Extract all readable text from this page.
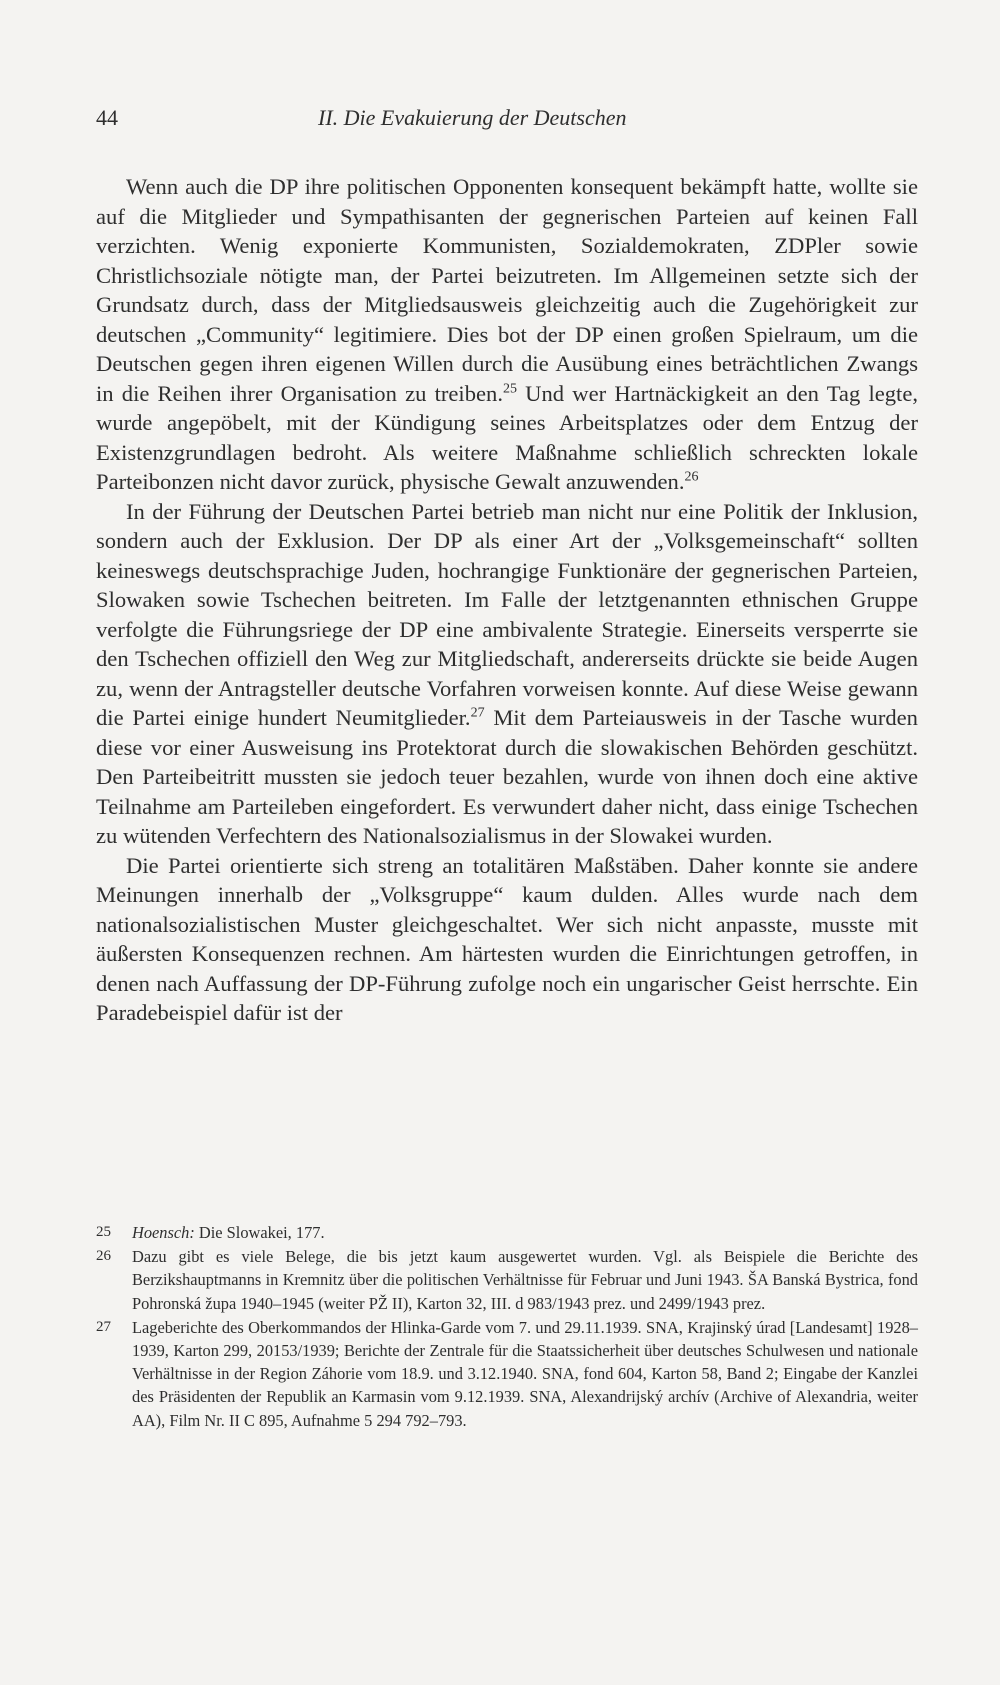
44	II. Die Evakuierung der Deutschen

Wenn auch die DP ihre politischen Opponenten konsequent bekämpft hatte, wollte sie auf die Mitglieder und Sympathisanten der gegnerischen Parteien auf keinen Fall verzichten. Wenig exponierte Kommunisten, Sozialdemokraten, ZDPler sowie Christlichsoziale nötigte man, der Partei beizutreten. Im Allgemeinen setzte sich der Grundsatz durch, dass der Mitgliedsausweis gleichzeitig auch die Zugehörigkeit zur deutschen „Community“ legitimiere. Dies bot der DP einen großen Spielraum, um die Deutschen gegen ihren eigenen Willen durch die Ausübung eines beträchtlichen Zwangs in die Reihen ihrer Organisation zu treiben.$^{25}$ Und wer Hartnäckigkeit an den Tag legte, wurde angepöbelt, mit der Kündigung seines Arbeitsplatzes oder dem Entzug der Existenzgrundlagen bedroht. Als weitere Maßnahme schließlich schreckten lokale Parteibonzen nicht davor zurück, physische Gewalt anzuwenden.$^{26}$

In der Führung der Deutschen Partei betrieb man nicht nur eine Politik der Inklusion, sondern auch der Exklusion. Der DP als einer Art der „Volksgemeinschaft“ sollten keineswegs deutschsprachige Juden, hochrangige Funktionäre der gegnerischen Parteien, Slowaken sowie Tschechen beitreten. Im Falle der letztgenannten ethnischen Gruppe verfolgte die Führungsriege der DP eine ambivalente Strategie. Einerseits versperrte sie den Tschechen offiziell den Weg zur Mitgliedschaft, andererseits drückte sie beide Augen zu, wenn der Antragsteller deutsche Vorfahren vorweisen konnte. Auf diese Weise gewann die Partei einige hundert Neumitglieder.$^{27}$ Mit dem Parteiausweis in der Tasche wurden diese vor einer Ausweisung ins Protektorat durch die slowakischen Behörden geschützt. Den Parteibeitritt mussten sie jedoch teuer bezahlen, wurde von ihnen doch eine aktive Teilnahme am Parteileben eingefordert. Es verwundert daher nicht, dass einige Tschechen zu wütenden Verfechtern des Nationalsozialismus in der Slowakei wurden.

Die Partei orientierte sich streng an totalitären Maßstäben. Daher konnte sie andere Meinungen innerhalb der „Volksgruppe“ kaum dulden. Alles wurde nach dem nationalsozialistischen Muster gleichgeschaltet. Wer sich nicht anpasste, musste mit äußersten Konsequenzen rechnen. Am härtesten wurden die Einrichtungen getroffen, in denen nach Auffassung der DP-Führung zufolge noch ein ungarischer Geist herrschte. Ein Paradebeispiel dafür ist der

25 Hoensch: Die Slowakei, 177.
26 Dazu gibt es viele Belege, die bis jetzt kaum ausgewertet wurden. Vgl. als Beispiele die Berichte des Berzikshauptmanns in Kremnitz über die politischen Verhältnisse für Februar und Juni 1943. ŠA Banská Bystrica, fond Pohronská župa 1940–1945 (weiter PŽ II), Karton 32, III. d 983/1943 prez. und 2499/1943 prez.
27 Lageberichte des Oberkommandos der Hlinka-Garde vom 7. und 29.11.1939. SNA, Krajinský úrad [Landesamt] 1928–1939, Karton 299, 20153/1939; Berichte der Zentrale für die Staatssicherheit über deutsches Schulwesen und nationale Verhältnisse in der Region Záhorie vom 18.9. und 3.12.1940. SNA, fond 604, Karton 58, Band 2; Eingabe der Kanzlei des Präsidenten der Republik an Karmasin vom 9.12.1939. SNA, Alexandrijský archív (Archive of Alexandria, weiter AA), Film Nr. II C 895, Aufnahme 5 294 792–793.
